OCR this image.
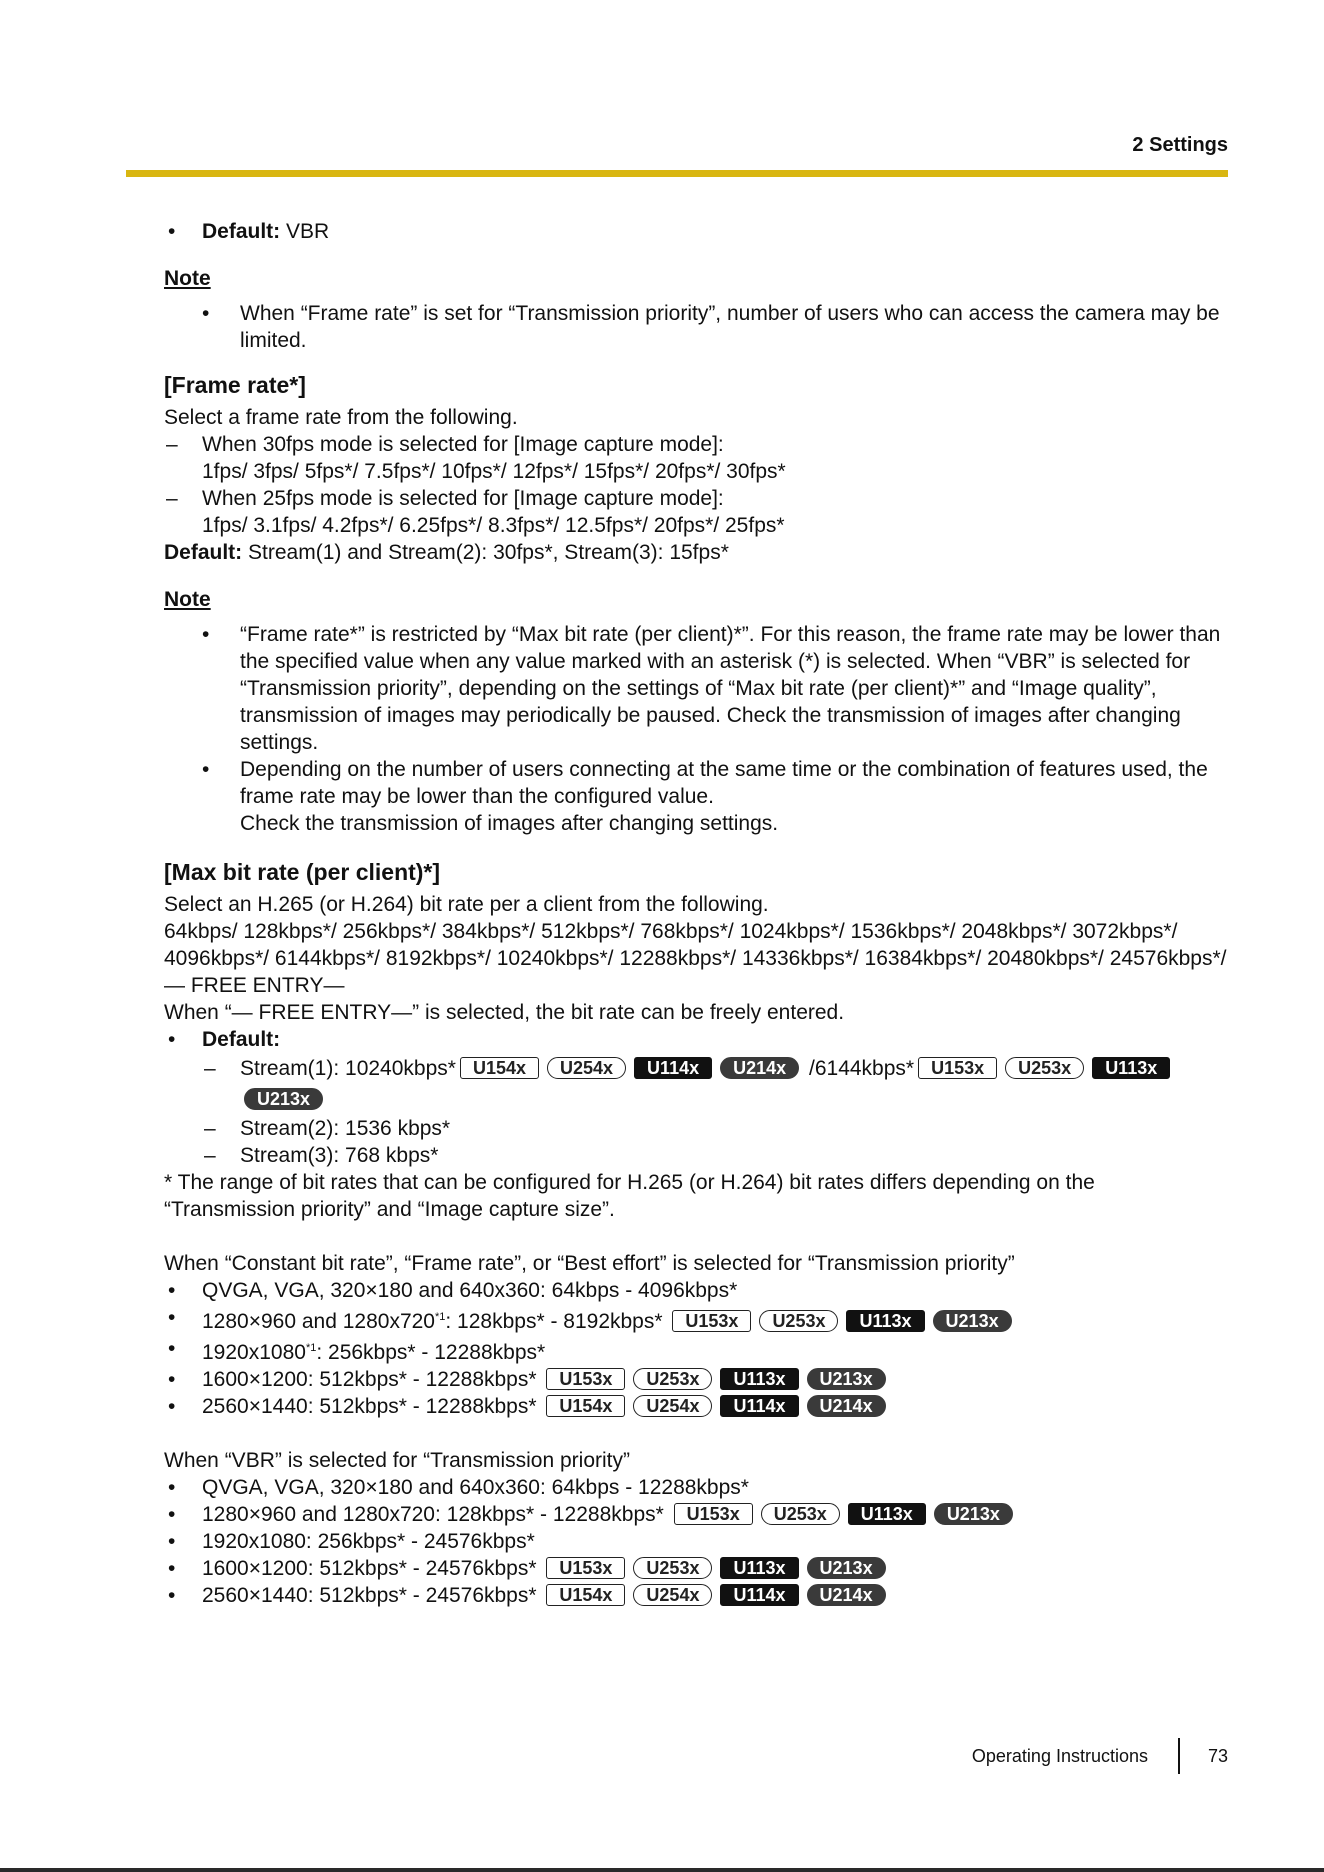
2 Settings
• Default: VBR
Note
• When “Frame rate” is set for “Transmission priority”, number of users who can access the camera may be limited.
[Frame rate*]
Select a frame rate from the following.
– When 30fps mode is selected for [Image capture mode]:
1fps/ 3fps/ 5fps*/ 7.5fps*/ 10fps*/ 12fps*/ 15fps*/ 20fps*/ 30fps*
– When 25fps mode is selected for [Image capture mode]:
1fps/ 3.1fps/ 4.2fps*/ 6.25fps*/ 8.3fps*/ 12.5fps*/ 20fps*/ 25fps*
Default: Stream(1) and Stream(2): 30fps*, Stream(3): 15fps*
Note
• “Frame rate*” is restricted by “Max bit rate (per client)*”. For this reason, the frame rate may be lower than the specified value when any value marked with an asterisk (*) is selected. When “VBR” is selected for “Transmission priority”, depending on the settings of “Max bit rate (per client)*” and “Image quality”, transmission of images may periodically be paused. Check the transmission of images after changing settings.
• Depending on the number of users connecting at the same time or the combination of features used, the frame rate may be lower than the configured value.
Check the transmission of images after changing settings.
[Max bit rate (per client)*]
Select an H.265 (or H.264) bit rate per a client from the following.
64kbps/ 128kbps*/ 256kbps*/ 384kbps*/ 512kbps*/ 768kbps*/ 1024kbps*/ 1536kbps*/ 2048kbps*/ 3072kbps*/ 4096kbps*/ 6144kbps*/ 8192kbps*/ 10240kbps*/ 12288kbps*/ 14336kbps*/ 16384kbps*/ 20480kbps*/ 24576kbps*/ — FREE ENTRY—
When “— FREE ENTRY—” is selected, the bit rate can be freely entered.
• Default:
– Stream(1): 10240kbps* U154x U254x U114x U214x /6144kbps* U153x U253x U113xU213x
– Stream(2): 1536 kbps*
– Stream(3): 768 kbps*
* The range of bit rates that can be configured for H.265 (or H.264) bit rates differs depending on the “Transmission priority” and “Image capture size”.
When “Constant bit rate”, “Frame rate”, or “Best effort” is selected for “Transmission priority”
• QVGA, VGA, 320×180 and 640x360: 64kbps - 4096kbps*
• 1280×960 and 1280x720$^{*1}$: 128kbps* - 8192kbps* U153x U253x U113x U213x
• 1920x1080$^{*1}$: 256kbps* - 12288kbps*
• 1600×1200: 512kbps* - 12288kbps* U153x U253x U113x U213x
• 2560×1440: 512kbps* - 12288kbps* U154x U254x U114x U214x
When “VBR” is selected for “Transmission priority”
• QVGA, VGA, 320×180 and 640x360: 64kbps - 12288kbps*
• 1280×960 and 1280x720: 128kbps* - 12288kbps* U153x U253x U113x U213x
• 1920x1080: 256kbps* - 24576kbps*
• 1600×1200: 512kbps* - 24576kbps* U153x U253x U113x U213x
• 2560×1440: 512kbps* - 24576kbps* U154x U254x U114x U214x
Operating Instructions	73
